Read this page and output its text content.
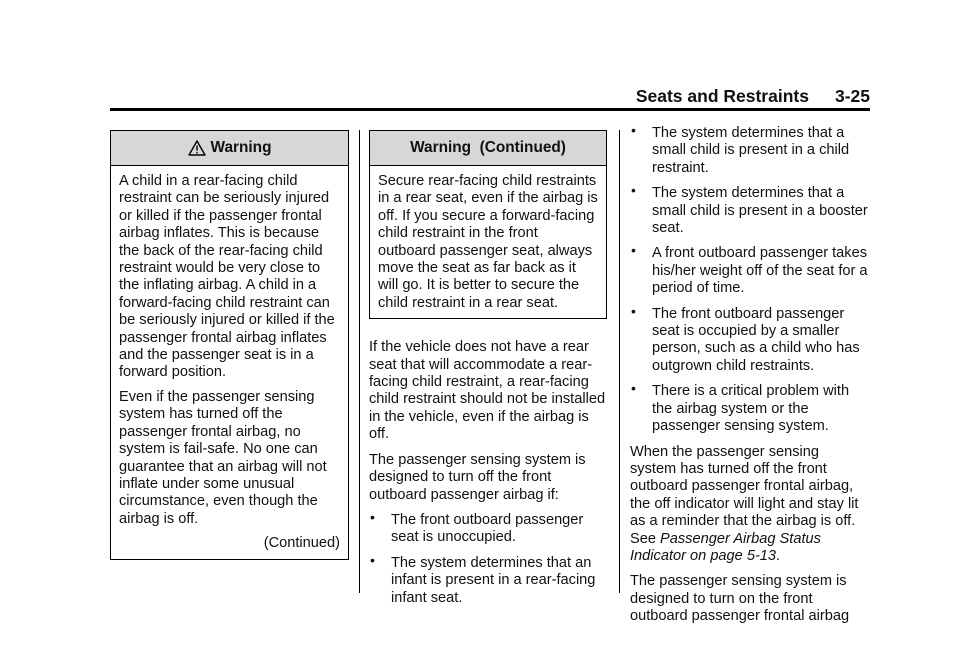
Seats and Restraints 3-25
Warning

A child in a rear-facing child restraint can be seriously injured or killed if the passenger frontal airbag inflates. This is because the back of the rear-facing child restraint would be very close to the inflating airbag. A child in a forward-facing child restraint can be seriously injured or killed if the passenger frontal airbag inflates and the passenger seat is in a forward position.

Even if the passenger sensing system has turned off the passenger frontal airbag, no system is fail-safe. No one can guarantee that an airbag will not inflate under some unusual circumstance, even though the airbag is off.

(Continued)
Warning  (Continued)

Secure rear-facing child restraints in a rear seat, even if the airbag is off. If you secure a forward-facing child restraint in the front outboard passenger seat, always move the seat as far back as it will go. It is better to secure the child restraint in a rear seat.

If the vehicle does not have a rear seat that will accommodate a rear-facing child restraint, a rear-facing child restraint should not be installed in the vehicle, even if the airbag is off.

The passenger sensing system is designed to turn off the front outboard passenger airbag if:

• The front outboard passenger seat is unoccupied.
• The system determines that an infant is present in a rear-facing infant seat.
• The system determines that a small child is present in a child restraint.
• The system determines that a small child is present in a booster seat.
• A front outboard passenger takes his/her weight off of the seat for a period of time.
• The front outboard passenger seat is occupied by a smaller person, such as a child who has outgrown child restraints.
• There is a critical problem with the airbag system or the passenger sensing system.

When the passenger sensing system has turned off the front outboard passenger frontal airbag, the off indicator will light and stay lit as a reminder that the airbag is off. See Passenger Airbag Status Indicator on page 5-13.

The passenger sensing system is designed to turn on the front outboard passenger frontal airbag
